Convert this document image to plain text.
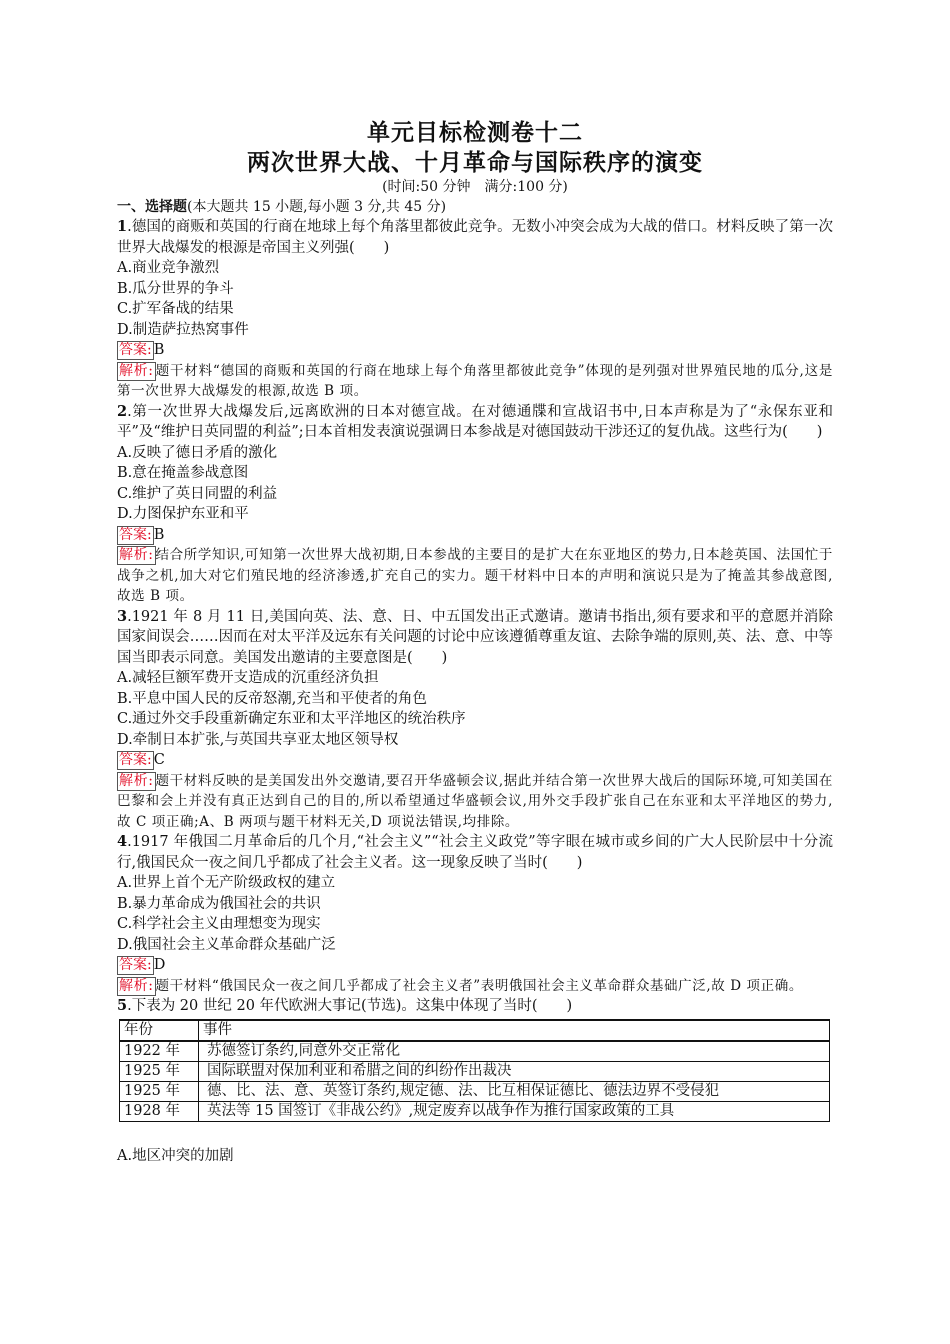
单元目标检测卷十二
两次世界大战、十月革命与国际秩序的演变

(时间:50 分钟　满分:100 分)

一、选择题(本大题共 15 小题,每小题 3 分,共 45 分)

1.德国的商贩和英国的行商在地球上每个角落里都彼此竞争。无数小冲突会成为大战的借口。材料反映了第一次世界大战爆发的根源是帝国主义列强(　　)

A.商业竞争激烈

B.瓜分世界的争斗

C.扩军备战的结果

D.制造萨拉热窝事件

答案: B

解析: 题干材料“德国的商贩和英国的行商在地球上每个角落里都彼此竞争”体现的是列强对世界殖民地的瓜分,这是第一次世界大战爆发的根源,故选 B 项。

2.第一次世界大战爆发后,远离欧洲的日本对德宣战。在对德通牒和宣战诏书中,日本声称是为了“永保东亚和平”及“维护日英同盟的利益”;日本首相发表演说强调日本参战是对德国鼓动干涉还辽的复仇战。这些行为(　　)

A.反映了德日矛盾的激化

B.意在掩盖参战意图

C.维护了英日同盟的利益

D.力图保护东亚和平

答案: B

解析: 结合所学知识,可知第一次世界大战初期,日本参战的主要目的是扩大在东亚地区的势力,日本趁英国、法国忙于战争之机,加大对它们殖民地的经济渗透,扩充自己的实力。题干材料中日本的声明和演说只是为了掩盖其参战意图,故选 B 项。

3.1921 年 8 月 11 日,美国向英、法、意、日、中五国发出正式邀请。邀请书指出,须有要求和平的意愿并消除国家间误会……因而在对太平洋及远东有关问题的讨论中应该遵循尊重友谊、去除争端的原则,英、法、意、中等国当即表示同意。美国发出邀请的主要意图是(　　)

A.减轻巨额军费开支造成的沉重经济负担

B.平息中国人民的反帝怒潮,充当和平使者的角色

C.通过外交手段重新确定东亚和太平洋地区的统治秩序

D.牵制日本扩张,与英国共享亚太地区领导权

答案: C

解析: 题干材料反映的是美国发出外交邀请,要召开华盛顿会议,据此并结合第一次世界大战后的国际环境,可知美国在巴黎和会上并没有真正达到自己的目的,所以希望通过华盛顿会议,用外交手段扩张自己在东亚和太平洋地区的势力,故 C 项正确;A、B 两项与题干材料无关,D 项说法错误,均排除。

4.1917 年俄国二月革命后的几个月,“社会主义”“社会主义政党”等字眼在城市或乡间的广大人民阶层中十分流行,俄国民众一夜之间几乎都成了社会主义者。这一现象反映了当时(　　)

A.世界上首个无产阶级政权的建立

B.暴力革命成为俄国社会的共识

C.科学社会主义由理想变为现实

D.俄国社会主义革命群众基础广泛

答案: D

解析: 题干材料“俄国民众一夜之间几乎都成了社会主义者”表明俄国社会主义革命群众基础广泛,故 D 项正确。

5.下表为 20 世纪 20 年代欧洲大事记(节选)。这集中体现了当时(　　)

年份	事件
1922 年	苏德签订条约,同意外交正常化
1925 年	国际联盟对保加利亚和希腊之间的纠纷作出裁决
1925 年	德、比、法、意、英签订条约,规定德、法、比互相保证德比、德法边界不受侵犯
1928 年	英法等 15 国签订《非战公约》,规定废弃以战争作为推行国家政策的工具

A.地区冲突的加剧
